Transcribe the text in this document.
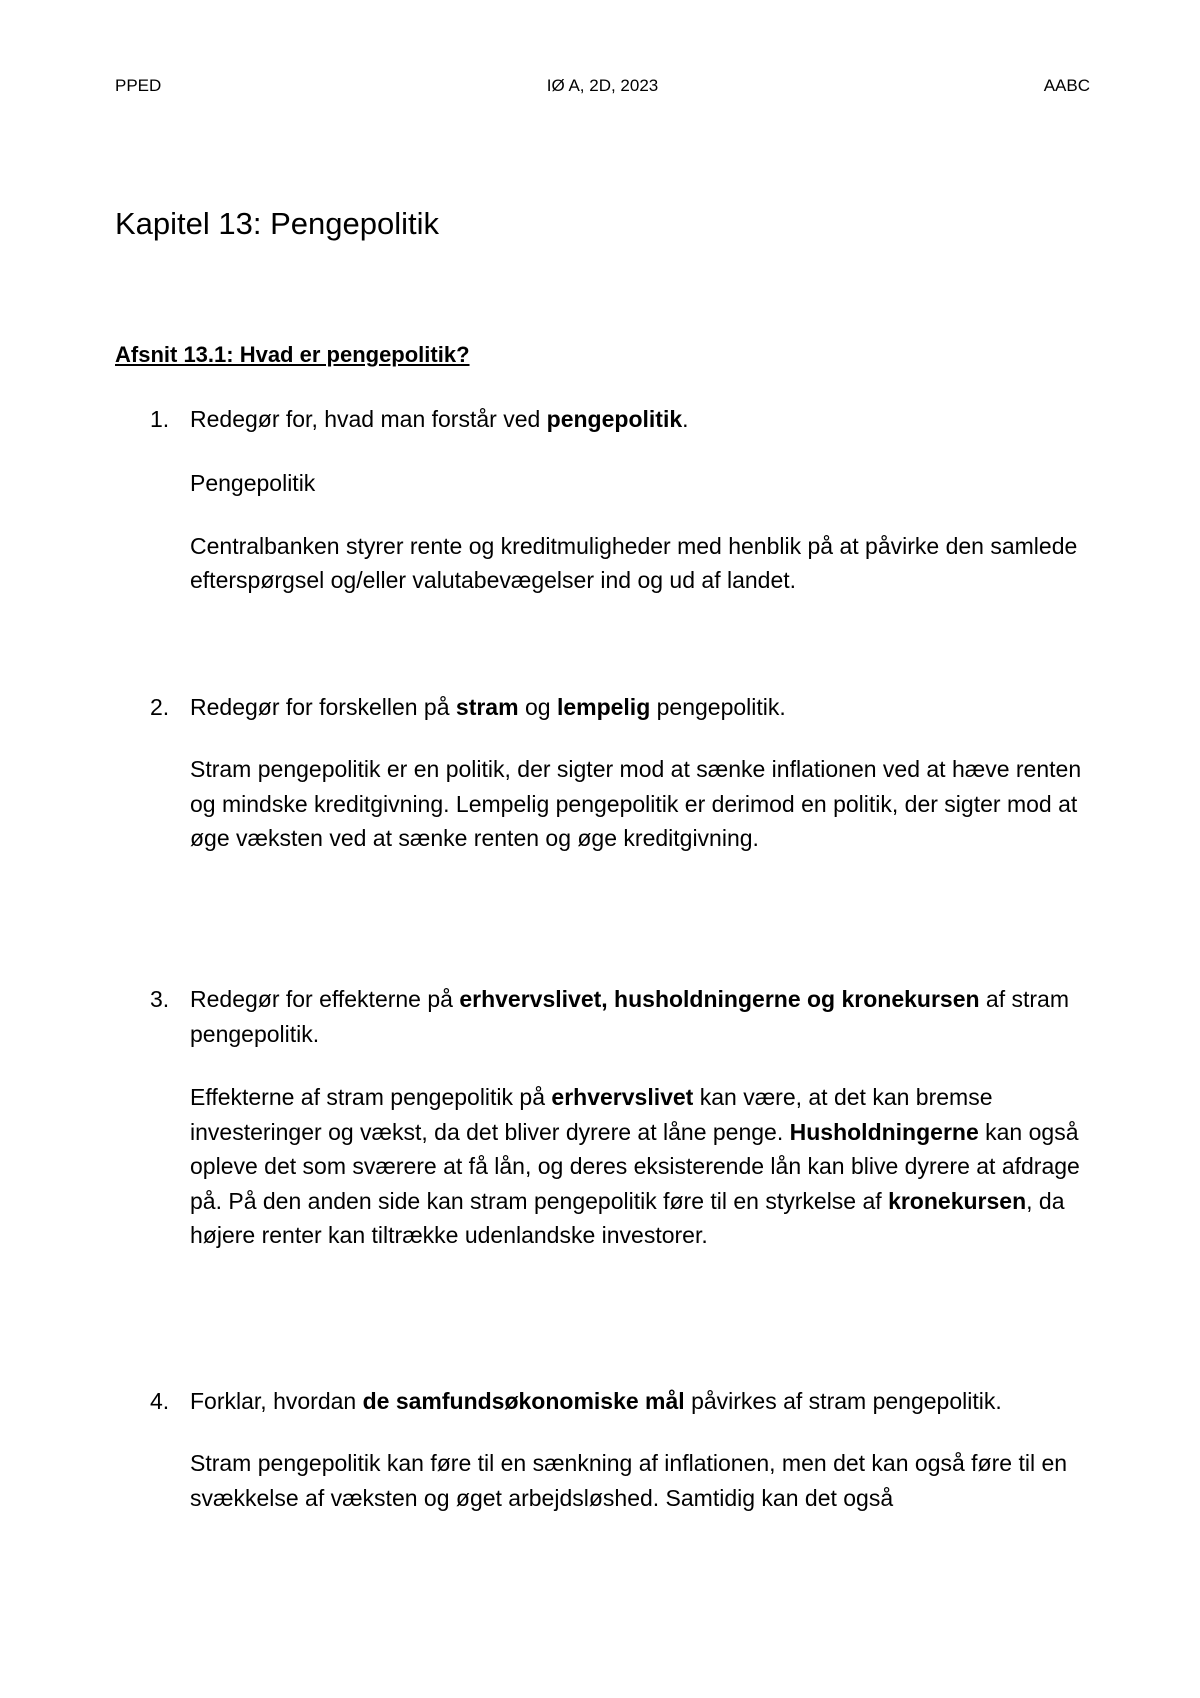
PPED	IØ A, 2D, 2023	AABC
Kapitel 13: Pengepolitik
Afsnit 13.1: Hvad er pengepolitik?
1. Redegør for, hvad man forstår ved pengepolitik.

Pengepolitik

Centralbanken styrer rente og kreditmuligheder med henblik på at påvirke den samlede efterspørgsel og/eller valutabevægelser ind og ud af landet.

2. Redegør for forskellen på stram og lempelig pengepolitik.

Stram pengepolitik er en politik, der sigter mod at sænke inflationen ved at hæve renten og mindske kreditgivning. Lempelig pengepolitik er derimod en politik, der sigter mod at øge væksten ved at sænke renten og øge kreditgivning.

3. Redegør for effekterne på erhvervslivet, husholdningerne og kronekursen af stram pengepolitik.

Effekterne af stram pengepolitik på erhvervslivet kan være, at det kan bremse investeringer og vækst, da det bliver dyrere at låne penge. Husholdningerne kan også opleve det som sværere at få lån, og deres eksisterende lån kan blive dyrere at afdrage på. På den anden side kan stram pengepolitik føre til en styrkelse af kronekursen, da højere renter kan tiltrække udenlandske investorer.

4. Forklar, hvordan de samfundsøkonomiske mål påvirkes af stram pengepolitik.

Stram pengepolitik kan føre til en sænkning af inflationen, men det kan også føre til en svækkelse af væksten og øget arbejdsløshed. Samtidig kan det også
